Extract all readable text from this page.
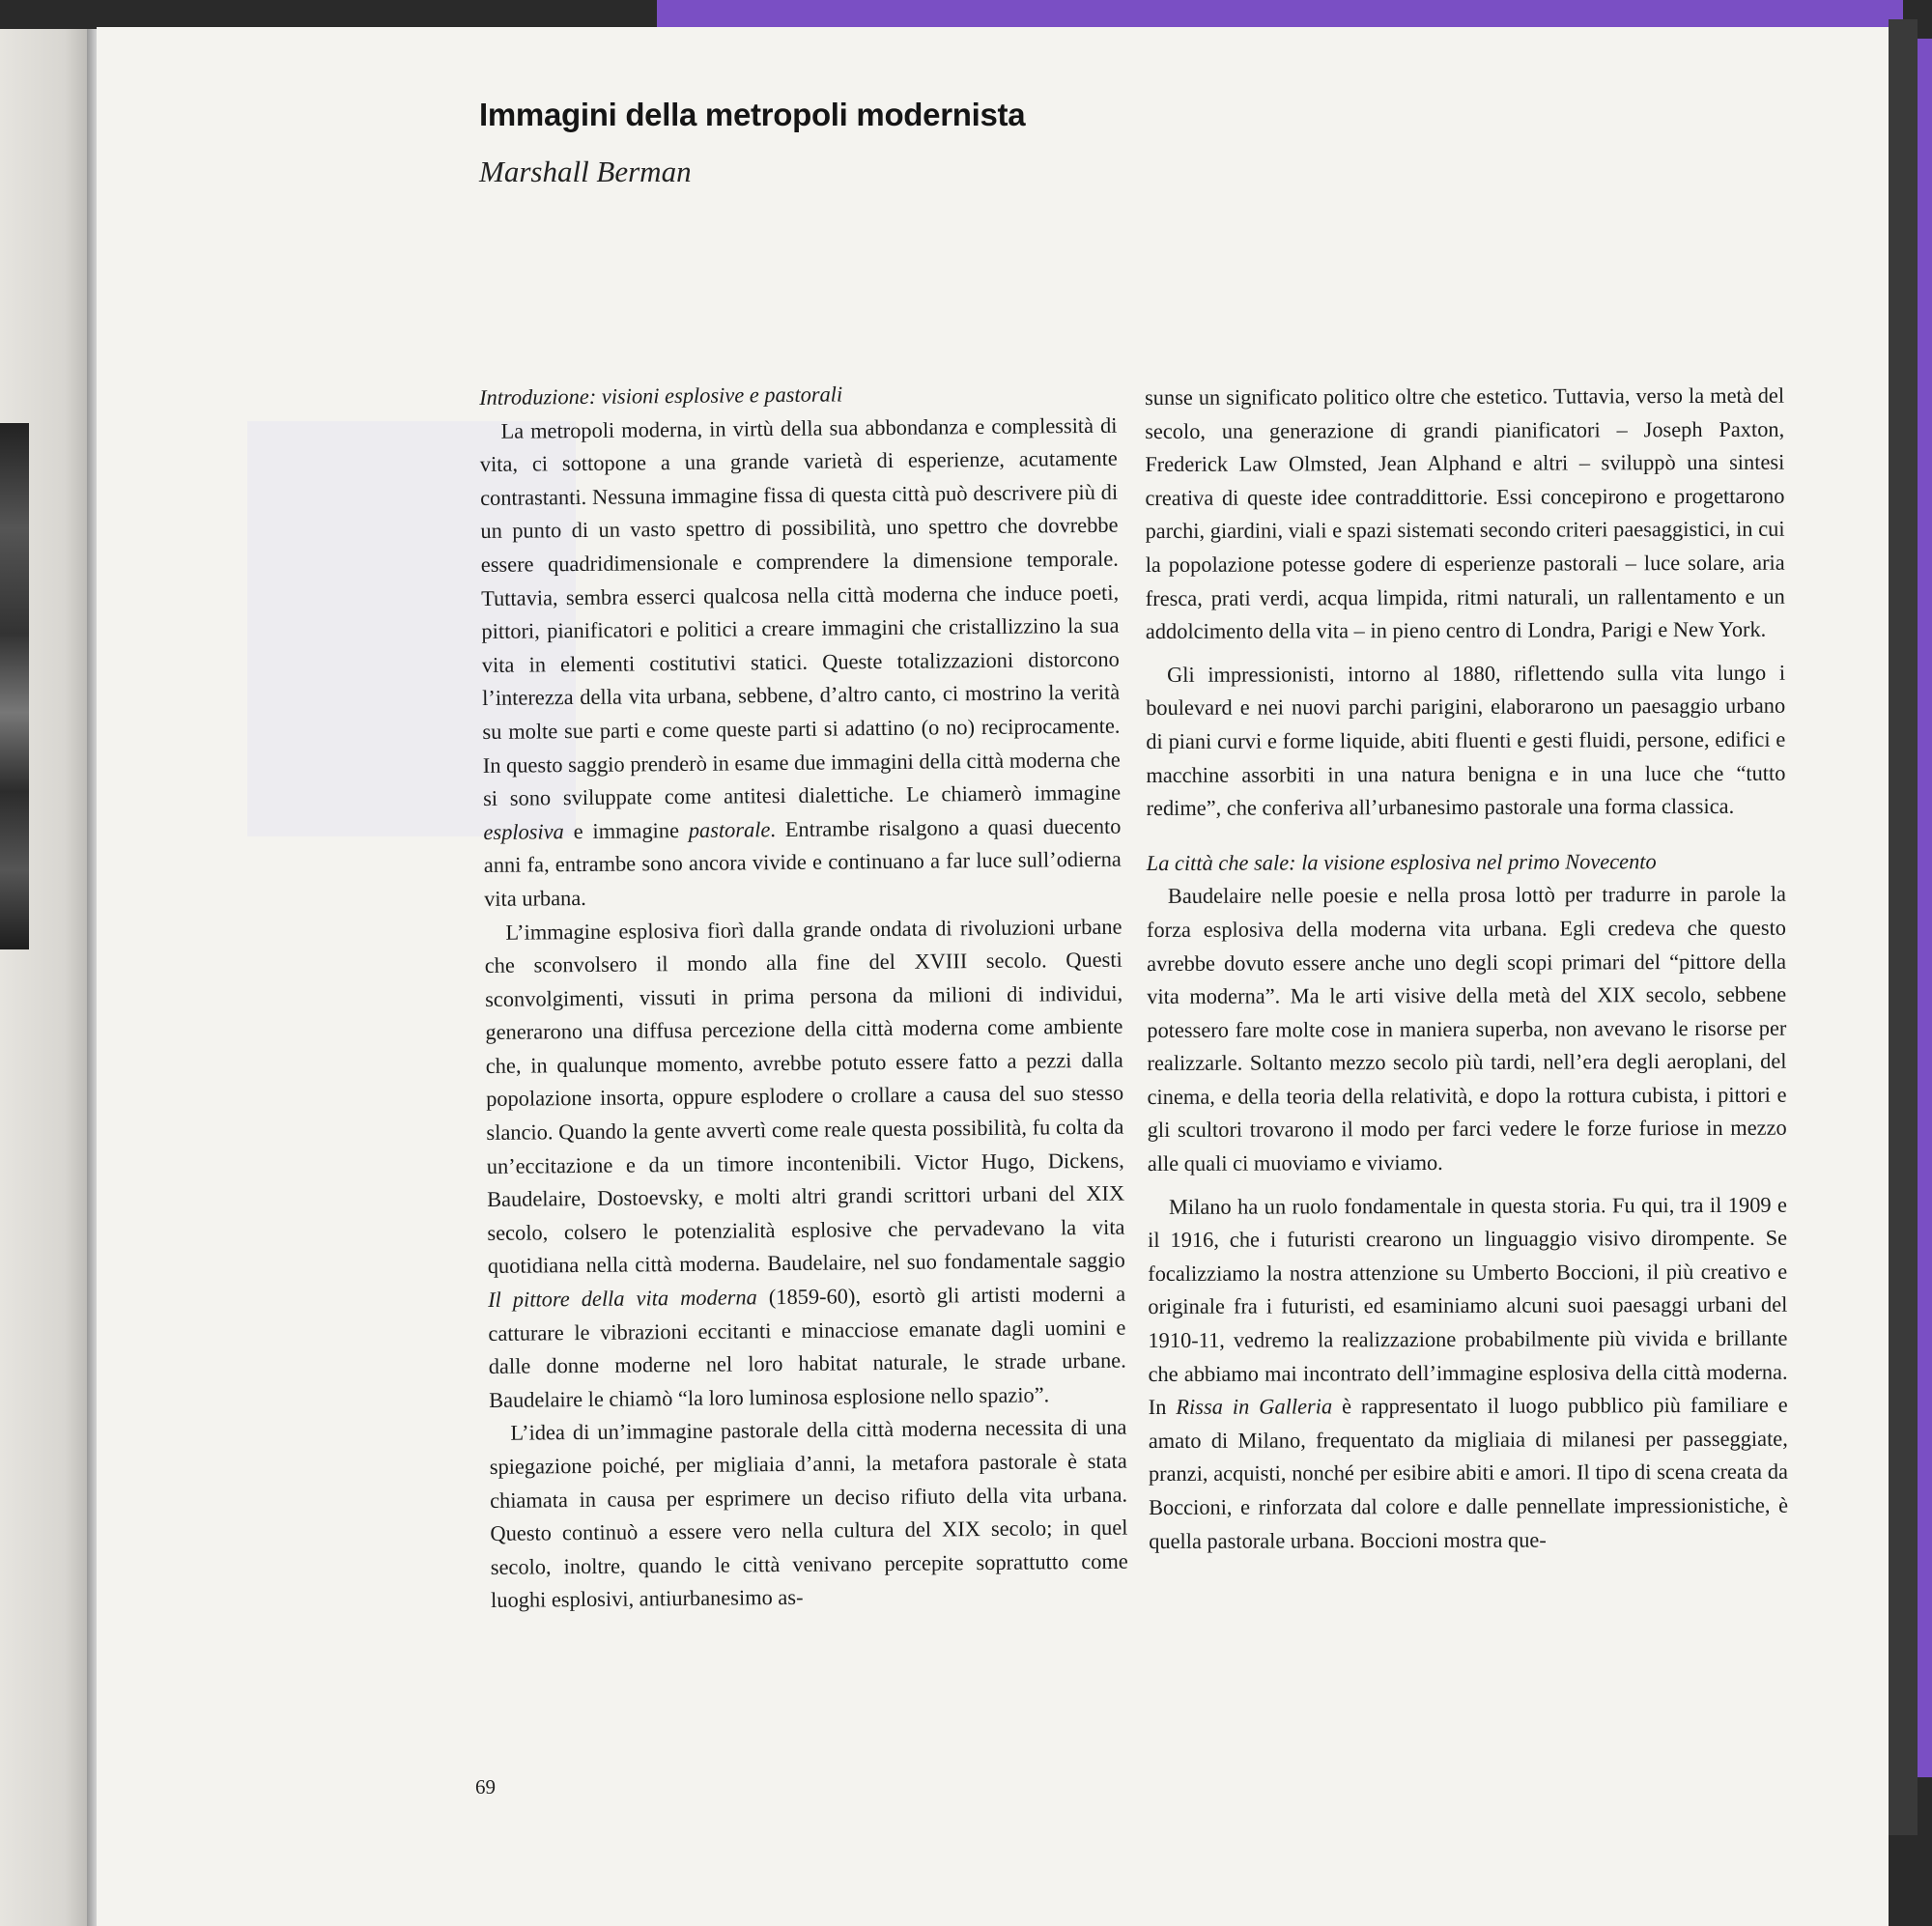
Immagini della metropoli modernista
Marshall Berman
Introduzione: visioni esplosive e pastorali

La metropoli moderna, in virtù della sua abbondanza e complessità di vita, ci sottopone a una grande varietà di esperienze, acutamente contrastanti. Nessuna immagine fissa di questa città può descrivere più di un punto di un vasto spettro di possibilità, uno spettro che dovrebbe essere quadridimensionale e comprendere la dimensione temporale. Tuttavia, sembra esserci qualcosa nella città moderna che induce poeti, pittori, pianificatori e politici a creare immagini che cristallizzino la sua vita in elementi costitutivi statici. Queste totalizzazioni distorcono l’interezza della vita urbana, sebbene, d’altro canto, ci mostrino la verità su molte sue parti e come queste parti si adattino (o no) reciprocamente. In questo saggio prenderò in esame due immagini della città moderna che si sono sviluppate come antitesi dialettiche. Le chiamerò immagine esplosiva e immagine pastorale. Entrambe risalgono a quasi duecento anni fa, entrambe sono ancora vivide e continuano a far luce sull’odierna vita urbana.

L’immagine esplosiva fiorì dalla grande ondata di rivoluzioni urbane che sconvolsero il mondo alla fine del XVIII secolo. Questi sconvolgimenti, vissuti in prima persona da milioni di individui, generarono una diffusa percezione della città moderna come ambiente che, in qualunque momento, avrebbe potuto essere fatto a pezzi dalla popolazione insorta, oppure esplodere o crollare a causa del suo stesso slancio. Quando la gente avvertì come reale questa possibilità, fu colta da un’eccitazione e da un timore incontenibili. Victor Hugo, Dickens, Baudelaire, Dostoevsky, e molti altri grandi scrittori urbani del XIX secolo, colsero le potenzialità esplosive che pervadevano la vita quotidiana nella città moderna. Baudelaire, nel suo fondamentale saggio Il pittore della vita moderna (1859-60), esortò gli artisti moderni a catturare le vibrazioni eccitanti e minacciose emanate dagli uomini e dalle donne moderne nel loro habitat naturale, le strade urbane. Baudelaire le chiamò “la loro luminosa esplosione nello spazio”.

L’idea di un’immagine pastorale della città moderna necessita di una spiegazione poiché, per migliaia d’anni, la metafora pastorale è stata chiamata in causa per esprimere un deciso rifiuto della vita urbana. Questo continuò a essere vero nella cultura del XIX secolo; in quel secolo, inoltre, quando le città venivano percepite soprattutto come luoghi esplosivi, antiurbanesimo as-

sunse un significato politico oltre che estetico. Tuttavia, verso la metà del secolo, una generazione di grandi pianificatori – Joseph Paxton, Frederick Law Olmsted, Jean Alphand e altri – sviluppò una sintesi creativa di queste idee contraddittorie. Essi concepirono e progettarono parchi, giardini, viali e spazi sistemati secondo criteri paesaggistici, in cui la popolazione potesse godere di esperienze pastorali – luce solare, aria fresca, prati verdi, acqua limpida, ritmi naturali, un rallentamento e un addolcimento della vita – in pieno centro di Londra, Parigi e New York.

Gli impressionisti, intorno al 1880, riflettendo sulla vita lungo i boulevard e nei nuovi parchi parigini, elaborarono un paesaggio urbano di piani curvi e forme liquide, abiti fluenti e gesti fluidi, persone, edifici e macchine assorbiti in una natura benigna e in una luce che “tutto redime”, che conferiva all’urbanesimo pastorale una forma classica.

La città che sale: la visione esplosiva nel primo Novecento

Baudelaire nelle poesie e nella prosa lottò per tradurre in parole la forza esplosiva della moderna vita urbana. Egli credeva che questo avrebbe dovuto essere anche uno degli scopi primari del “pittore della vita moderna”. Ma le arti visive della metà del XIX secolo, sebbene potessero fare molte cose in maniera superba, non avevano le risorse per realizzarle. Soltanto mezzo secolo più tardi, nell’era degli aeroplani, del cinema, e della teoria della relatività, e dopo la rottura cubista, i pittori e gli scultori trovarono il modo per farci vedere le forze furiose in mezzo alle quali ci muoviamo e viviamo.

Milano ha un ruolo fondamentale in questa storia. Fu qui, tra il 1909 e il 1916, che i futuristi crearono un linguaggio visivo dirompente. Se focalizziamo la nostra attenzione su Umberto Boccioni, il più creativo e originale fra i futuristi, ed esaminiamo alcuni suoi paesaggi urbani del 1910-11, vedremo la realizzazione probabilmente più vivida e brillante che abbiamo mai incontrato dell’immagine esplosiva della città moderna. In Rissa in Galleria è rappresentato il luogo pubblico più familiare e amato di Milano, frequentato da migliaia di milanesi per passeggiate, pranzi, acquisti, nonché per esibire abiti e amori. Il tipo di scena creata da Boccioni, e rinforzata dal colore e dalle pennellate impressionistiche, è quella pastorale urbana. Boccioni mostra que-

69
